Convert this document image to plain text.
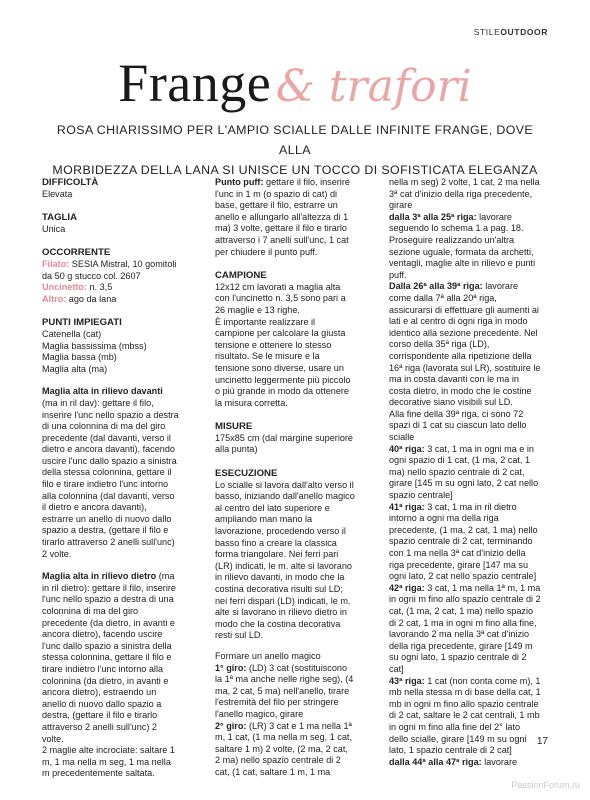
STILEOUTDOOR
Frange & trafori
ROSA CHIARISSIMO PER L'AMPIO SCIALLE DALLE INFINITE FRANGE, DOVE ALLA
MORBIDEZZA DELLA LANA SI UNISCE UN TOCCO DI SOFISTICATA ELEGANZA

DIFFICOLTÀ

Elevata

TAGLIA

Unica

OCCORRENTE

Filato: SESIA Mistral, 10 gomitoli da 50 g stucco col. 2607

Uncinetto: n. 3,5

Altro: ago da lana

PUNTI IMPIEGATI

Catenella (cat)

Maglia bassissima (mbss)

Maglia bassa (mb)

Maglia alta (ma)

Maglia alta in rilievo davanti (ma in ril dav): gettare il filo, inserire l'unc nello spazio a destra di una colonnina di ma del giro precedente (dal davanti, verso il dietro e ancora davanti), facendo uscire l'unc dallo spazio a sinistra della stessa colonnina, gettare il filo e tirare indietro l'unc intorno alla colonnina (dal davanti, verso il dietro e ancora davanti), estrarre un anello di nuovo dallo spazio a destra, (gettare il filo e tirarlo attraverso 2 anelli sull'unc) 2 volte.

Maglia alta in rilievo dietro (ma in ril dietro): gettare il filo, inserire l'unc nello spazio a destra di una colonnina di ma del giro precedente (da dietro, in avanti e ancora dietro), facendo uscire l'unc dallo spazio a sinistra della stessa colonnina, gettare il filo e tirare indietro l'unc intorno alla colonnina (da dietro, in avanti e ancora dietro), estraendo un anello di nuovo dallo spazio a destra, (gettare il filo e tirarlo attraverso 2 anelli sull'unc) 2 volte.

2 maglie alte incrociate: saltare 1 m, 1 ma nella m seg, 1 ma nella m precedentemente saltata.

Punto puff: gettare il filo, inserire l'unc in 1 m (o spazio di cat) di base, gettare il filo, estrarre un anello e allungarlo all'altezza di 1 ma) 3 volte, gettare il filo e tirarlo attraverso i 7 anelli sull'unc, 1 cat per chiudere il punto puff.

CAMPIONE

12x12 cm lavorati a maglia alta con l'uncinetto n. 3,5 sono pari a 26 maglie e 13 righe.

È importante realizzare il campione per calcolare la giusta tensione e ottenere lo stesso risultato. Se le misure e la tensione sono diverse, usare un uncinetto leggermente più piccolo o più grande in modo da ottenere la misura corretta.

MISURE

175x85 cm (dal margine superiore alla punta)

ESECUZIONE

Lo scialle si lavora dall'alto verso il basso, iniziando dall'anello magico al centro del lato superiore e ampliando man mano la lavorazione, procedendo verso il basso fino a creare la classica forma triangolare. Nei ferri pari (LR) indicati, le m. alte si lavorano in rilievo davanti, in modo che la costina decorativa risulti sul LD; nei ferri dispari (LD) indicati, le m. alte si lavorano in rilievo dietro in modo che la costina decorativa resti sul LD.

Formare un anello magico

1° giro: (LD) 3 cat (sostituiscono la 1ª ma anche nelle righe seg), (4 ma, 2 cat, 5 ma) nell'anello, tirare l'estremità del filo per stringere l'anello magico, girare

2° giro: (LR) 3 cat e 1 ma nella 1ª m, 1 cat, (1 ma nella m seg, 1 cat, saltare 1 m) 2 volte, (2 ma, 2 cat, 2 ma) nello spazio centrale di 2 cat, (1 cat, saltare 1 m, 1 ma

nella m seg) 2 volte, 1 cat, 2 ma nella 3ª cat d'inizio della riga precedente, girare

dalla 3ª alla 25ª riga: lavorare seguendo lo schema 1 a pag. 18.

Proseguire realizzando un'altra sezione uguale, formata da archetti, ventagli, maglie alte in rilievo e punti puff.

Dalla 26ª alla 39ª riga: lavorare come dalla 7ª alla 20ª riga, assicurarsi di effettuare gli aumenti ai lati e al centro di ogni riga in modo identico alla sezione precedente. Nel corso della 35ª riga (LD), corrispondente alla ripetizione della 16ª riga (lavorata sul LR), sostituire le ma in costa davanti con le ma in costa dietro, in modo che le costine decorative siano visibili sul LD.

Alla fine della 39ª riga, ci sono 72 spazi di 1 cat su ciascun lato dello scialle

40ª riga: 3 cat, 1 ma in ogni ma e in ogni spazio di 1 cat, (1 ma, 2 cat, 1 ma) nello spazio centrale di 2 cat, girare [145 m su ogni lato, 2 cat nello spazio centrale]

41ª riga: 3 cat, 1 ma in ril dietro intorno a ogni ma della riga precedente, (1 ma, 2 cat, 1 ma) nello spazio centrale di 2 cat, terminando con 1 ma nella 3ª cat d'inizio della riga precedente, girare [147 ma su ogni lato, 2 cat nello spazio centrale]

42ª riga: 3 cat, 1 ma nella 1ª m, 1 ma in ogni m fino allo spazio centrale di 2 cat, (1 ma, 2 cat, 1 ma) nello spazio di 2 cat, 1 ma in ogni m fino alla fine, lavorando 2 ma nella 3ª cat d'inizio della riga precedente, girare [149 m su ogni lato, 1 spazio centrale di 2 cat]

43ª riga: 1 cat (non conta come m), 1 mb nella stessa m di base della cat, 1 mb in ogni m fino allo spazio centrale di 2 cat, saltare le 2 cat centrali, 1 mb in ogni m fino alla fine del 2° lato dello scialle, girare [149 m su ogni lato, 1 spazio centrale di 2 cat]

dalla 44ª alla 47ª riga: lavorare

17
PassionForum.ru
